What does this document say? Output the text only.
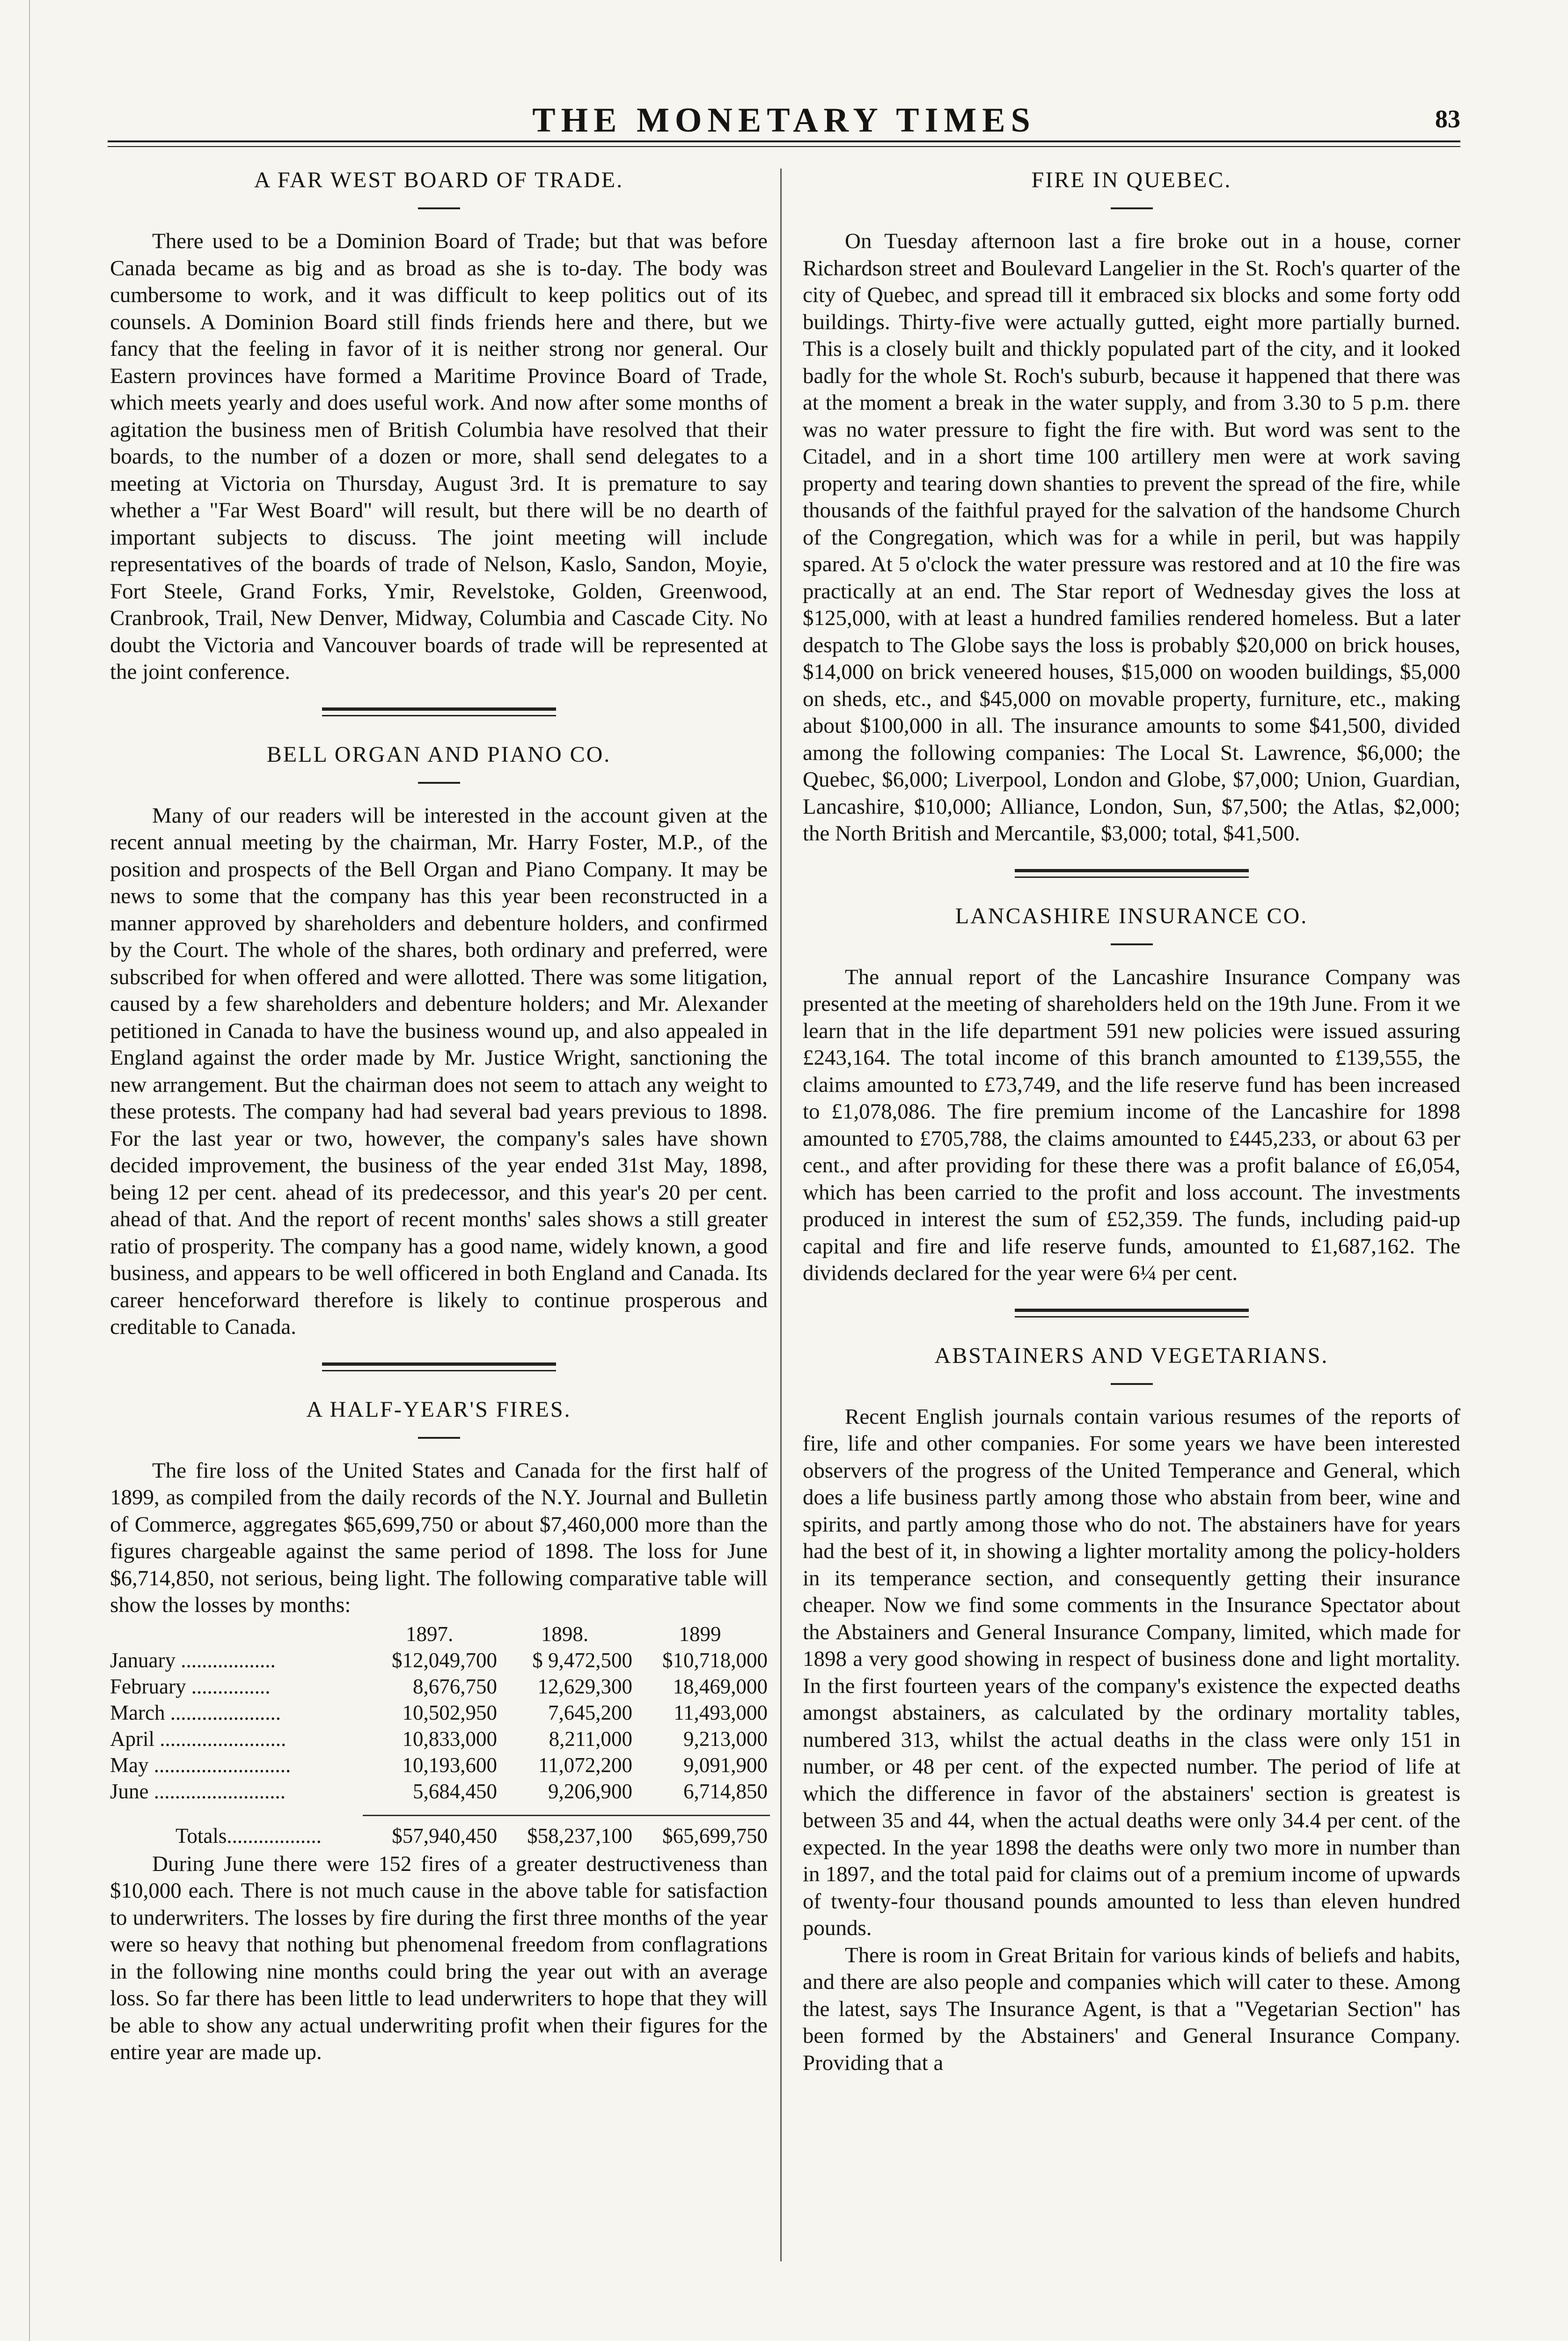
THE MONETARY TIMES	83
A FAR WEST BOARD OF TRADE.

There used to be a Dominion Board of Trade; but that was before Canada became as big and as broad as she is to-day. The body was cumbersome to work, and it was difficult to keep politics out of its counsels. A Dominion Board still finds friends here and there, but we fancy that the feeling in favor of it is neither strong nor general. Our Eastern provinces have formed a Maritime Province Board of Trade, which meets yearly and does useful work. And now after some months of agitation the business men of British Columbia have resolved that their boards, to the number of a dozen or more, shall send delegates to a meeting at Victoria on Thursday, August 3rd. It is premature to say whether a "Far West Board" will result, but there will be no dearth of important subjects to discuss. The joint meeting will include representatives of the boards of trade of Nelson, Kaslo, Sandon, Moyie, Fort Steele, Grand Forks, Ymir, Revelstoke, Golden, Greenwood, Cranbrook, Trail, New Denver, Midway, Columbia and Cascade City. No doubt the Victoria and Vancouver boards of trade will be represented at the joint conference.

BELL ORGAN AND PIANO CO.

Many of our readers will be interested in the account given at the recent annual meeting by the chairman, Mr. Harry Foster, M.P., of the position and prospects of the Bell Organ and Piano Company. It may be news to some that the company has this year been reconstructed in a manner approved by shareholders and debenture holders, and confirmed by the Court. The whole of the shares, both ordinary and preferred, were subscribed for when offered and were allotted. There was some litigation, caused by a few shareholders and debenture holders; and Mr. Alexander petitioned in Canada to have the business wound up, and also appealed in England against the order made by Mr. Justice Wright, sanctioning the new arrangement. But the chairman does not seem to attach any weight to these protests. The company had had several bad years previous to 1898. For the last year or two, however, the company's sales have shown decided improvement, the business of the year ended 31st May, 1898, being 12 per cent. ahead of its predecessor, and this year's 20 per cent. ahead of that. And the report of recent months' sales shows a still greater ratio of prosperity. The company has a good name, widely known, a good business, and appears to be well officered in both England and Canada. Its career henceforward therefore is likely to continue prosperous and creditable to Canada.

A HALF-YEAR'S FIRES.

The fire loss of the United States and Canada for the first half of 1899, as compiled from the daily records of the N.Y. Journal and Bulletin of Commerce, aggregates $65,699,750 or about $7,460,000 more than the figures chargeable against the same period of 1898. The loss for June $6,714,850, not serious, being light. The following comparative table will show the losses by months:

1897.	1898.	1899
January ..................	$12,049,700	$ 9,472,500	$10,718,000
February ...............	8,676,750	12,629,300	18,469,000
March .....................	10,502,950	7,645,200	11,493,000
April ........................	10,833,000	8,211,000	9,213,000
May ..........................	10,193,600	11,072,200	9,091,900
June .........................	5,684,450	9,206,900	6,714,850
Totals..................	$57,940,450	$58,237,100	$65,699,750

During June there were 152 fires of a greater destructiveness than $10,000 each. There is not much cause in the above table for satisfaction to underwriters. The losses by fire during the first three months of the year were so heavy that nothing but phenomenal freedom from conflagrations in the following nine months could bring the year out with an average loss. So far there has been little to lead underwriters to hope that they will be able to show any actual underwriting profit when their figures for the entire year are made up.

FIRE IN QUEBEC.

On Tuesday afternoon last a fire broke out in a house, corner Richardson street and Boulevard Langelier in the St. Roch's quarter of the city of Quebec, and spread till it embraced six blocks and some forty odd buildings. Thirty-five were actually gutted, eight more partially burned. This is a closely built and thickly populated part of the city, and it looked badly for the whole St. Roch's suburb, because it happened that there was at the moment a break in the water supply, and from 3.30 to 5 p.m. there was no water pressure to fight the fire with. But word was sent to the Citadel, and in a short time 100 artillery men were at work saving property and tearing down shanties to prevent the spread of the fire, while thousands of the faithful prayed for the salvation of the handsome Church of the Congregation, which was for a while in peril, but was happily spared. At 5 o'clock the water pressure was restored and at 10 the fire was practically at an end. The Star report of Wednesday gives the loss at $125,000, with at least a hundred families rendered homeless. But a later despatch to The Globe says the loss is probably $20,000 on brick houses, $14,000 on brick veneered houses, $15,000 on wooden buildings, $5,000 on sheds, etc., and $45,000 on movable property, furniture, etc., making about $100,000 in all. The insurance amounts to some $41,500, divided among the following companies: The Local St. Lawrence, $6,000; the Quebec, $6,000; Liverpool, London and Globe, $7,000; Union, Guardian, Lancashire, $10,000; Alliance, London, Sun, $7,500; the Atlas, $2,000; the North British and Mercantile, $3,000; total, $41,500.

LANCASHIRE INSURANCE CO.

The annual report of the Lancashire Insurance Company was presented at the meeting of shareholders held on the 19th June. From it we learn that in the life department 591 new policies were issued assuring £243,164. The total income of this branch amounted to £139,555, the claims amounted to £73,749, and the life reserve fund has been increased to £1,078,086. The fire premium income of the Lancashire for 1898 amounted to £705,788, the claims amounted to £445,233, or about 63 per cent., and after providing for these there was a profit balance of £6,054, which has been carried to the profit and loss account. The investments produced in interest the sum of £52,359. The funds, including paid-up capital and fire and life reserve funds, amounted to £1,687,162. The dividends declared for the year were 6¼ per cent.

ABSTAINERS AND VEGETARIANS.

Recent English journals contain various resumes of the reports of fire, life and other companies. For some years we have been interested observers of the progress of the United Temperance and General, which does a life business partly among those who abstain from beer, wine and spirits, and partly among those who do not. The abstainers have for years had the best of it, in showing a lighter mortality among the policy-holders in its temperance section, and consequently getting their insurance cheaper. Now we find some comments in the Insurance Spectator about the Abstainers and General Insurance Company, limited, which made for 1898 a very good showing in respect of business done and light mortality. In the first fourteen years of the company's existence the expected deaths amongst abstainers, as calculated by the ordinary mortality tables, numbered 313, whilst the actual deaths in the class were only 151 in number, or 48 per cent. of the expected number. The period of life at which the difference in favor of the abstainers' section is greatest is between 35 and 44, when the actual deaths were only 34.4 per cent. of the expected. In the year 1898 the deaths were only two more in number than in 1897, and the total paid for claims out of a premium income of upwards of twenty-four thousand pounds amounted to less than eleven hundred pounds.

There is room in Great Britain for various kinds of beliefs and habits, and there are also people and companies which will cater to these. Among the latest, says The Insurance Agent, is that a "Vegetarian Section" has been formed by the Abstainers' and General Insurance Company. Providing that a
